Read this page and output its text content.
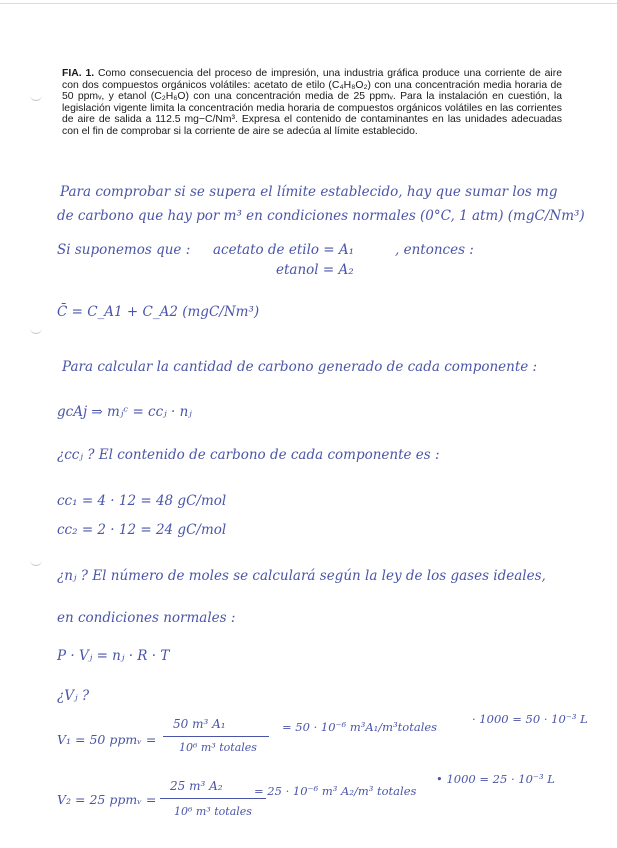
FIA. 1. Como consecuencia del proceso de impresión, una industria gráfica produce una corriente de aire con dos compuestos orgánicos volátiles: acetato de etilo (C₄H₈O₂) con una concentración media horaria de 50 ppmᵥ, y etanol (C₂H₆O) con una concentración media de 25 ppmᵥ. Para la instalación en cuestión, la legislación vigente limita la concentración media horaria de compuestos orgánicos volátiles en las corrientes de aire de salida a 112.5 mg−C/Nm³. Expresa el contenido de contaminantes en las unidades adecuadas con el fin de comprobar si la corriente de aire se adecúa al límite establecido.
Para comprobar si se supera el límite establecido, hay que sumar los mg
de carbono que hay por m³ en condiciones normales (0°C, 1 atm) (mgC/Nm³)
Si suponemos que : acetato de etilo = A₁	, entonces :
etanol = A₂
C̄ = C_A1 + C_A2 (mgC/Nm³)
Para calcular la cantidad de carbono generado de cada componente :
gcAj ⇒ mⱼᶜ = ccⱼ · nⱼ
¿ccⱼ ? El contenido de carbono de cada componente es :
cc₁ = 4 · 12 = 48 gC/mol
cc₂ = 2 · 12 = 24 gC/mol
¿nⱼ ? El número de moles se calculará según la ley de los gases ideales,
en condiciones normales :
P · Vⱼ = nⱼ · R · T
¿Vⱼ ?
V₁ = 50 ppmᵥ =
50 m³ A₁
10⁶ m³ totales
= 50 · 10⁻⁶ m³A₁/m³totales
· 1000 = 50 · 10⁻³ L
V₂ = 25 ppmᵥ =
25 m³ A₂
10⁶ m³ totales
= 25 · 10⁻⁶ m³ A₂/m³ totales
• 1000 = 25 · 10⁻³ L
